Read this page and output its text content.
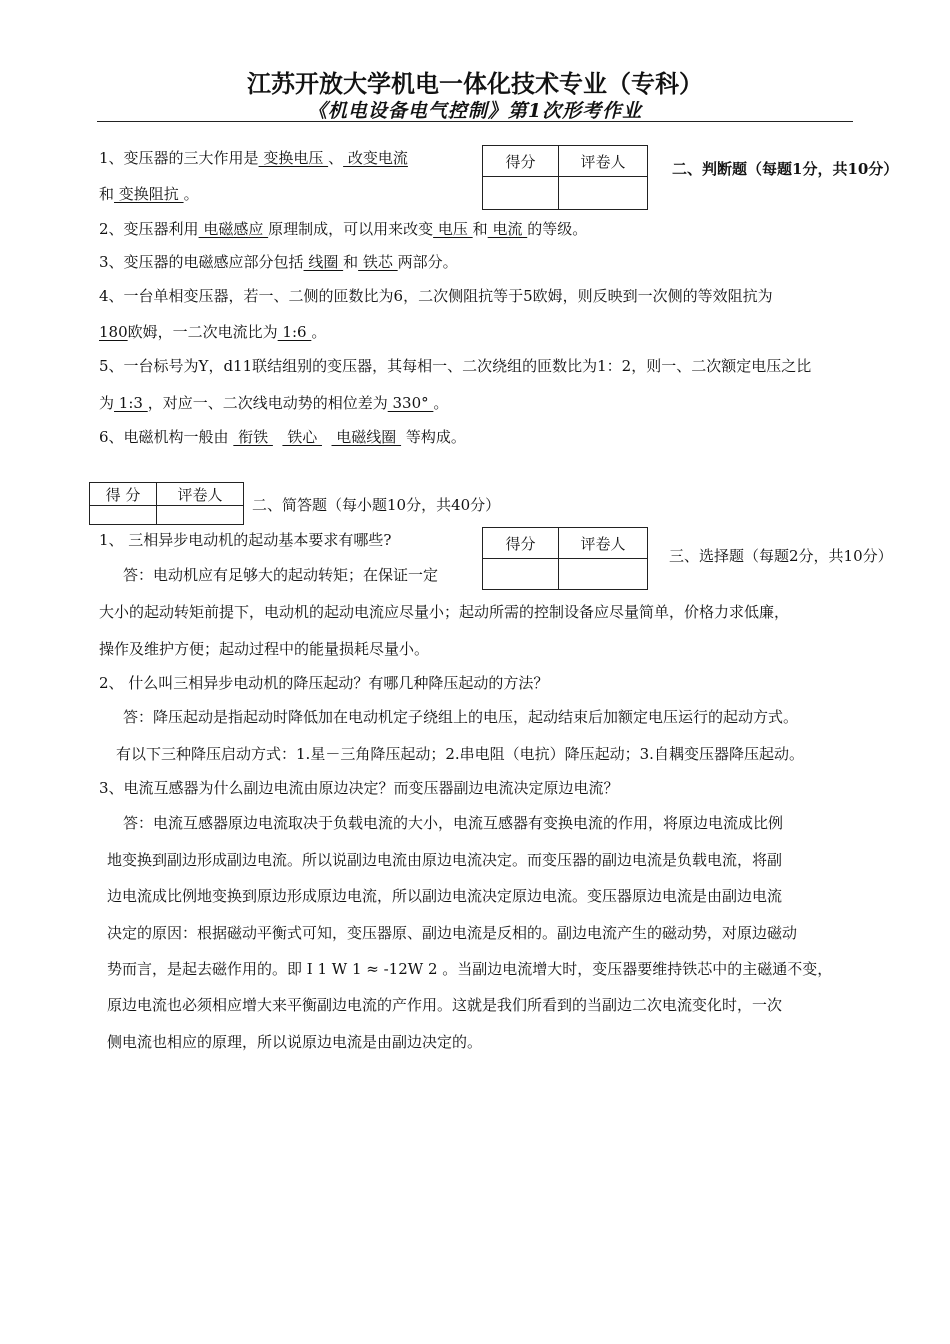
江苏开放大学机电一体化技术专业（专科）
《机电设备电气控制》第1次形考作业
得分	评卷人
		二、判断题（每题1分，共10分）
1、变压器的三大作用是 变换电压 、 改变电流
和 变换阻抗 。
2、变压器利用 电磁感应 原理制成，可以用来改变 电压 和 电流 的等级。
3、变压器的电磁感应部分包括 线圈 和 铁芯 两部分。
4、一台单相变压器，若一、二侧的匝数比为6，二次侧阻抗等于5欧姆，则反映到一次侧的等效阻抗为
180欧姆，一二次电流比为 1:6 。
5、一台标号为Y，d11联结组别的变压器，其每相一、二次绕组的匝数比为1：2，则一、二次额定电压之比
为 1:3 ，对应一、二次线电动势的相位差为 330° 。
6、电磁机构一般由  衔铁    铁心    电磁线圈  等构成。
得 分	评卷人

二、简答题（每小题10分，共40分）
得分	评卷人

三、选择题（每题2分，共10分）
1、 三相异步电动机的起动基本要求有哪些?
答：电动机应有足够大的起动转矩；在保证一定
大小的起动转矩前提下，电动机的起动电流应尽量小；起动所需的控制设备应尽量简单，价格力求低廉，
操作及维护方便；起动过程中的能量损耗尽量小。
2、 什么叫三相异步电动机的降压起动？有哪几种降压起动的方法？
答：降压起动是指起动时降低加在电动机定子绕组上的电压，起动结束后加额定电压运行的起动方式。
有以下三种降压启动方式：1.星－三角降压起动；2.串电阻（电抗）降压起动；3.自耦变压器降压起动。
3、电流互感器为什么副边电流由原边决定？而变压器副边电流决定原边电流？
答：电流互感器原边电流取决于负载电流的大小，电流互感器有变换电流的作用，将原边电流成比例
地变换到副边形成副边电流。所以说副边电流由原边电流决定。而变压器的副边电流是负载电流，将副
边电流成比例地变换到原边形成原边电流，所以副边电流决定原边电流。变压器原边电流是由副边电流
决定的原因：根据磁动平衡式可知，变压器原、副边电流是反相的。副边电流产生的磁动势，对原边磁动
势而言，是起去磁作用的。即 I 1 W 1 ≈ -12W 2 。当副边电流增大时，变压器要维持铁芯中的主磁通不变，
原边电流也必须相应增大来平衡副边电流的产作用。这就是我们所看到的当副边二次电流变化时，一次
侧电流也相应的原理，所以说原边电流是由副边决定的。
